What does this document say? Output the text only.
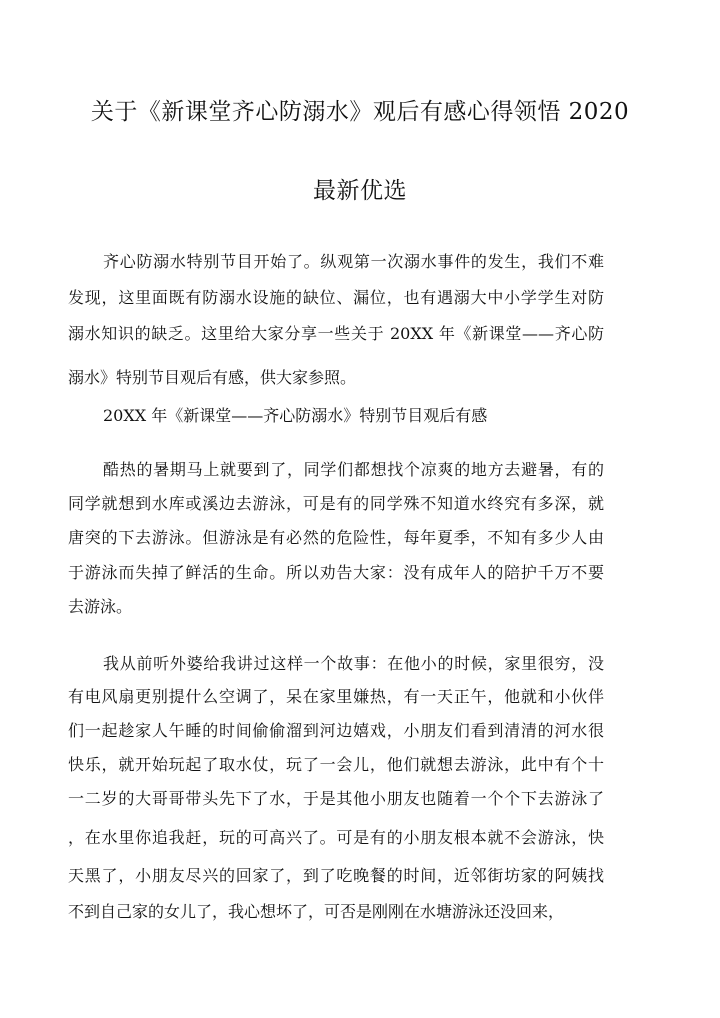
关于《新课堂齐心防溺水》观后有感心得领悟 2020
最新优选
齐心防溺水特别节目开始了。纵观第一次溺水事件的发生，我们不难
发现，这里面既有防溺水设施的缺位、漏位，也有遇溺大中小学学生对防
溺水知识的缺乏。这里给大家分享一些关于 20XX 年《新课堂——齐心防
溺水》特别节目观后有感，供大家参照。
20XX 年《新课堂——齐心防溺水》特别节目观后有感
酷热的暑期马上就要到了，同学们都想找个凉爽的地方去避暑，有的
同学就想到水库或溪边去游泳，可是有的同学殊不知道水终究有多深，就
唐突的下去游泳。但游泳是有必然的危险性，每年夏季，不知有多少人由
于游泳而失掉了鲜活的生命。所以劝告大家：没有成年人的陪护千万不要
去游泳。
我从前听外婆给我讲过这样一个故事：在他小的时候，家里很穷，没
有电风扇更别提什么空调了，呆在家里嫌热，有一天正午，他就和小伙伴
们一起趁家人午睡的时间偷偷溜到河边嬉戏，小朋友们看到清清的河水很
快乐，就开始玩起了取水仗，玩了一会儿，他们就想去游泳，此中有个十
一二岁的大哥哥带头先下了水，于是其他小朋友也随着一个个下去游泳了
，在水里你追我赶，玩的可高兴了。可是有的小朋友根本就不会游泳，快
天黑了，小朋友尽兴的回家了，到了吃晚餐的时间，近邻街坊家的阿姨找
不到自己家的女儿了，我心想坏了，可否是刚刚在水塘游泳还没回来，
